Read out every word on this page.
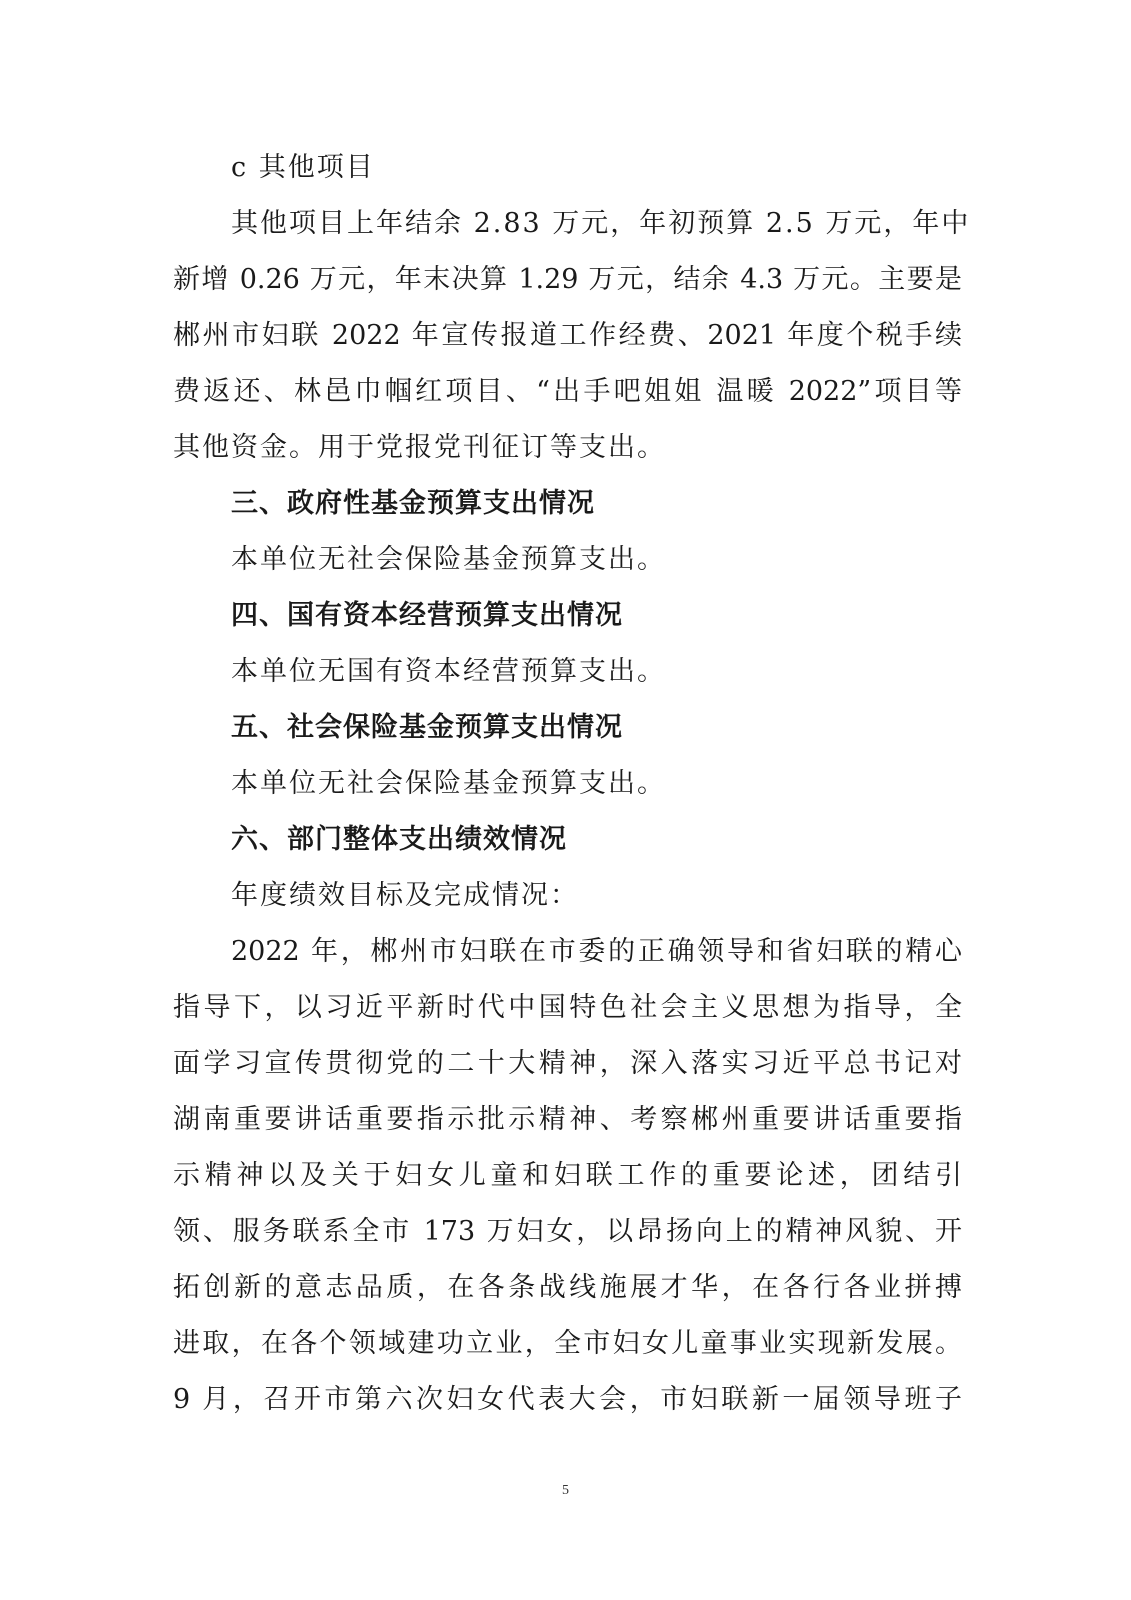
c 其他项目
其他项目上年结余 2.83 万元，年初预算 2.5 万元，年中
新增 0.26 万元，年末决算 1.29 万元，结余 4.3 万元。主要是
郴州市妇联 2022 年宣传报道工作经费、2021 年度个税手续
费返还、林邑巾帼红项目、“出手吧姐姐 温暖 2022”项目等
其他资金。用于党报党刊征订等支出。
三、政府性基金预算支出情况
本单位无社会保险基金预算支出。
四、国有资本经营预算支出情况
本单位无国有资本经营预算支出。
五、社会保险基金预算支出情况
本单位无社会保险基金预算支出。
六、部门整体支出绩效情况
年度绩效目标及完成情况：
2022 年，郴州市妇联在市委的正确领导和省妇联的精心
指导下，以习近平新时代中国特色社会主义思想为指导，全
面学习宣传贯彻党的二十大精神，深入落实习近平总书记对
湖南重要讲话重要指示批示精神、考察郴州重要讲话重要指
示精神以及关于妇女儿童和妇联工作的重要论述，团结引
领、服务联系全市 173 万妇女，以昂扬向上的精神风貌、开
拓创新的意志品质，在各条战线施展才华，在各行各业拼搏
进取，在各个领域建功立业，全市妇女儿童事业实现新发展。
9 月，召开市第六次妇女代表大会，市妇联新一届领导班子
5
